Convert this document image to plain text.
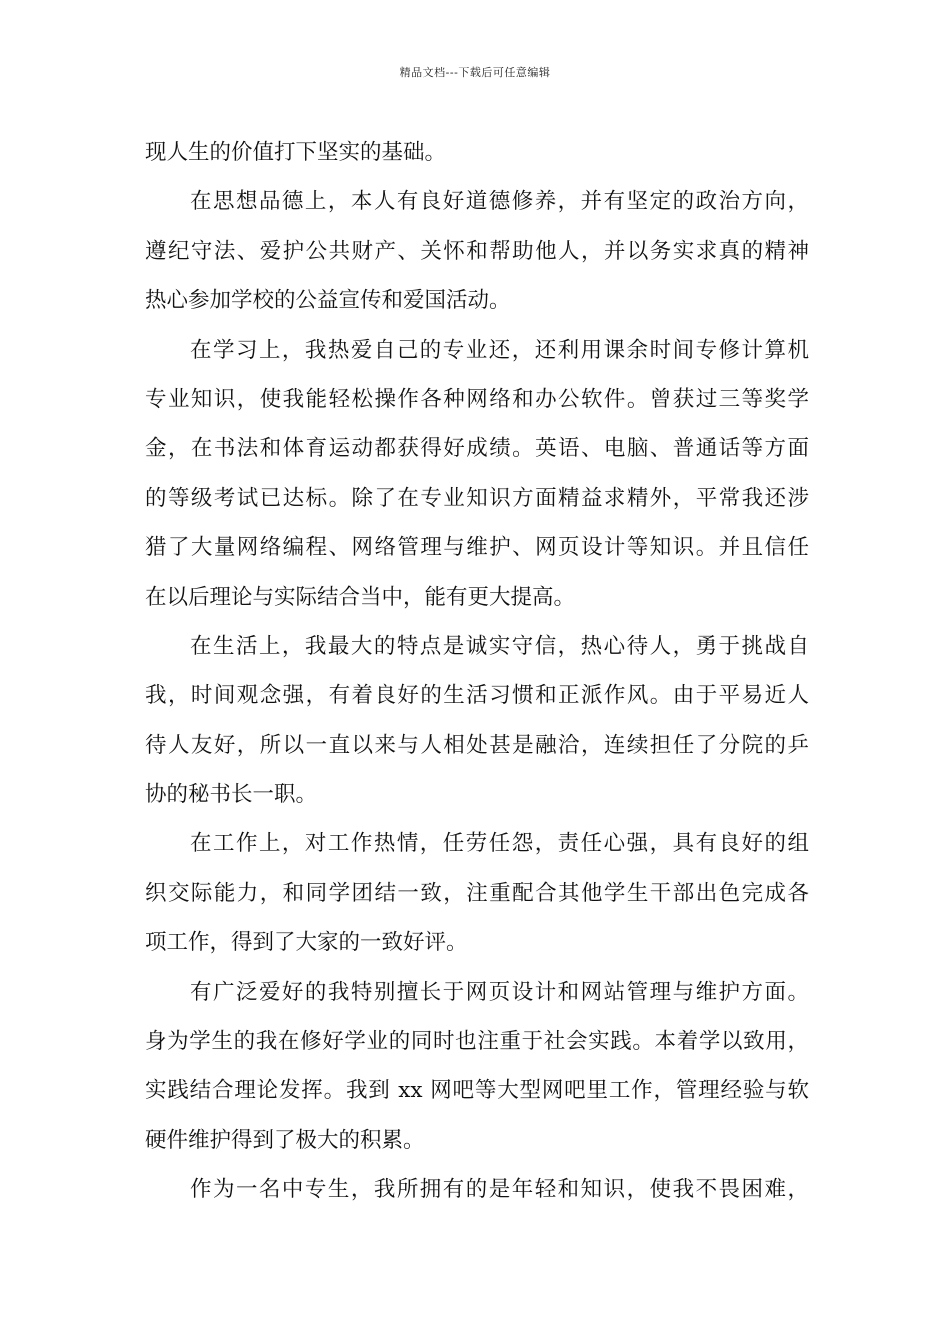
精品文档---下载后可任意编辑
现人生的价值打下坚实的基础。
在思想品德上，本人有良好道德修养，并有坚定的政治方向，
遵纪守法、爱护公共财产、关怀和帮助他人，并以务实求真的精神
热心参加学校的公益宣传和爱国活动。
在学习上，我热爱自己的专业还，还利用课余时间专修计算机
专业知识，使我能轻松操作各种网络和办公软件。曾获过三等奖学
金，在书法和体育运动都获得好成绩。英语、电脑、普通话等方面
的等级考试已达标。除了在专业知识方面精益求精外，平常我还涉
猎了大量网络编程、网络管理与维护、网页设计等知识。并且信任
在以后理论与实际结合当中，能有更大提高。
在生活上，我最大的特点是诚实守信，热心待人，勇于挑战自
我，时间观念强，有着良好的生活习惯和正派作风。由于平易近人
待人友好，所以一直以来与人相处甚是融洽，连续担任了分院的乒
协的秘书长一职。
在工作上，对工作热情，任劳任怨，责任心强，具有良好的组
织交际能力，和同学团结一致，注重配合其他学生干部出色完成各
项工作，得到了大家的一致好评。
有广泛爱好的我特别擅长于网页设计和网站管理与维护方面。
身为学生的我在修好学业的同时也注重于社会实践。本着学以致用，
实践结合理论发挥。我到 xx 网吧等大型网吧里工作，管理经验与软
硬件维护得到了极大的积累。
作为一名中专生，我所拥有的是年轻和知识，使我不畏困难，
